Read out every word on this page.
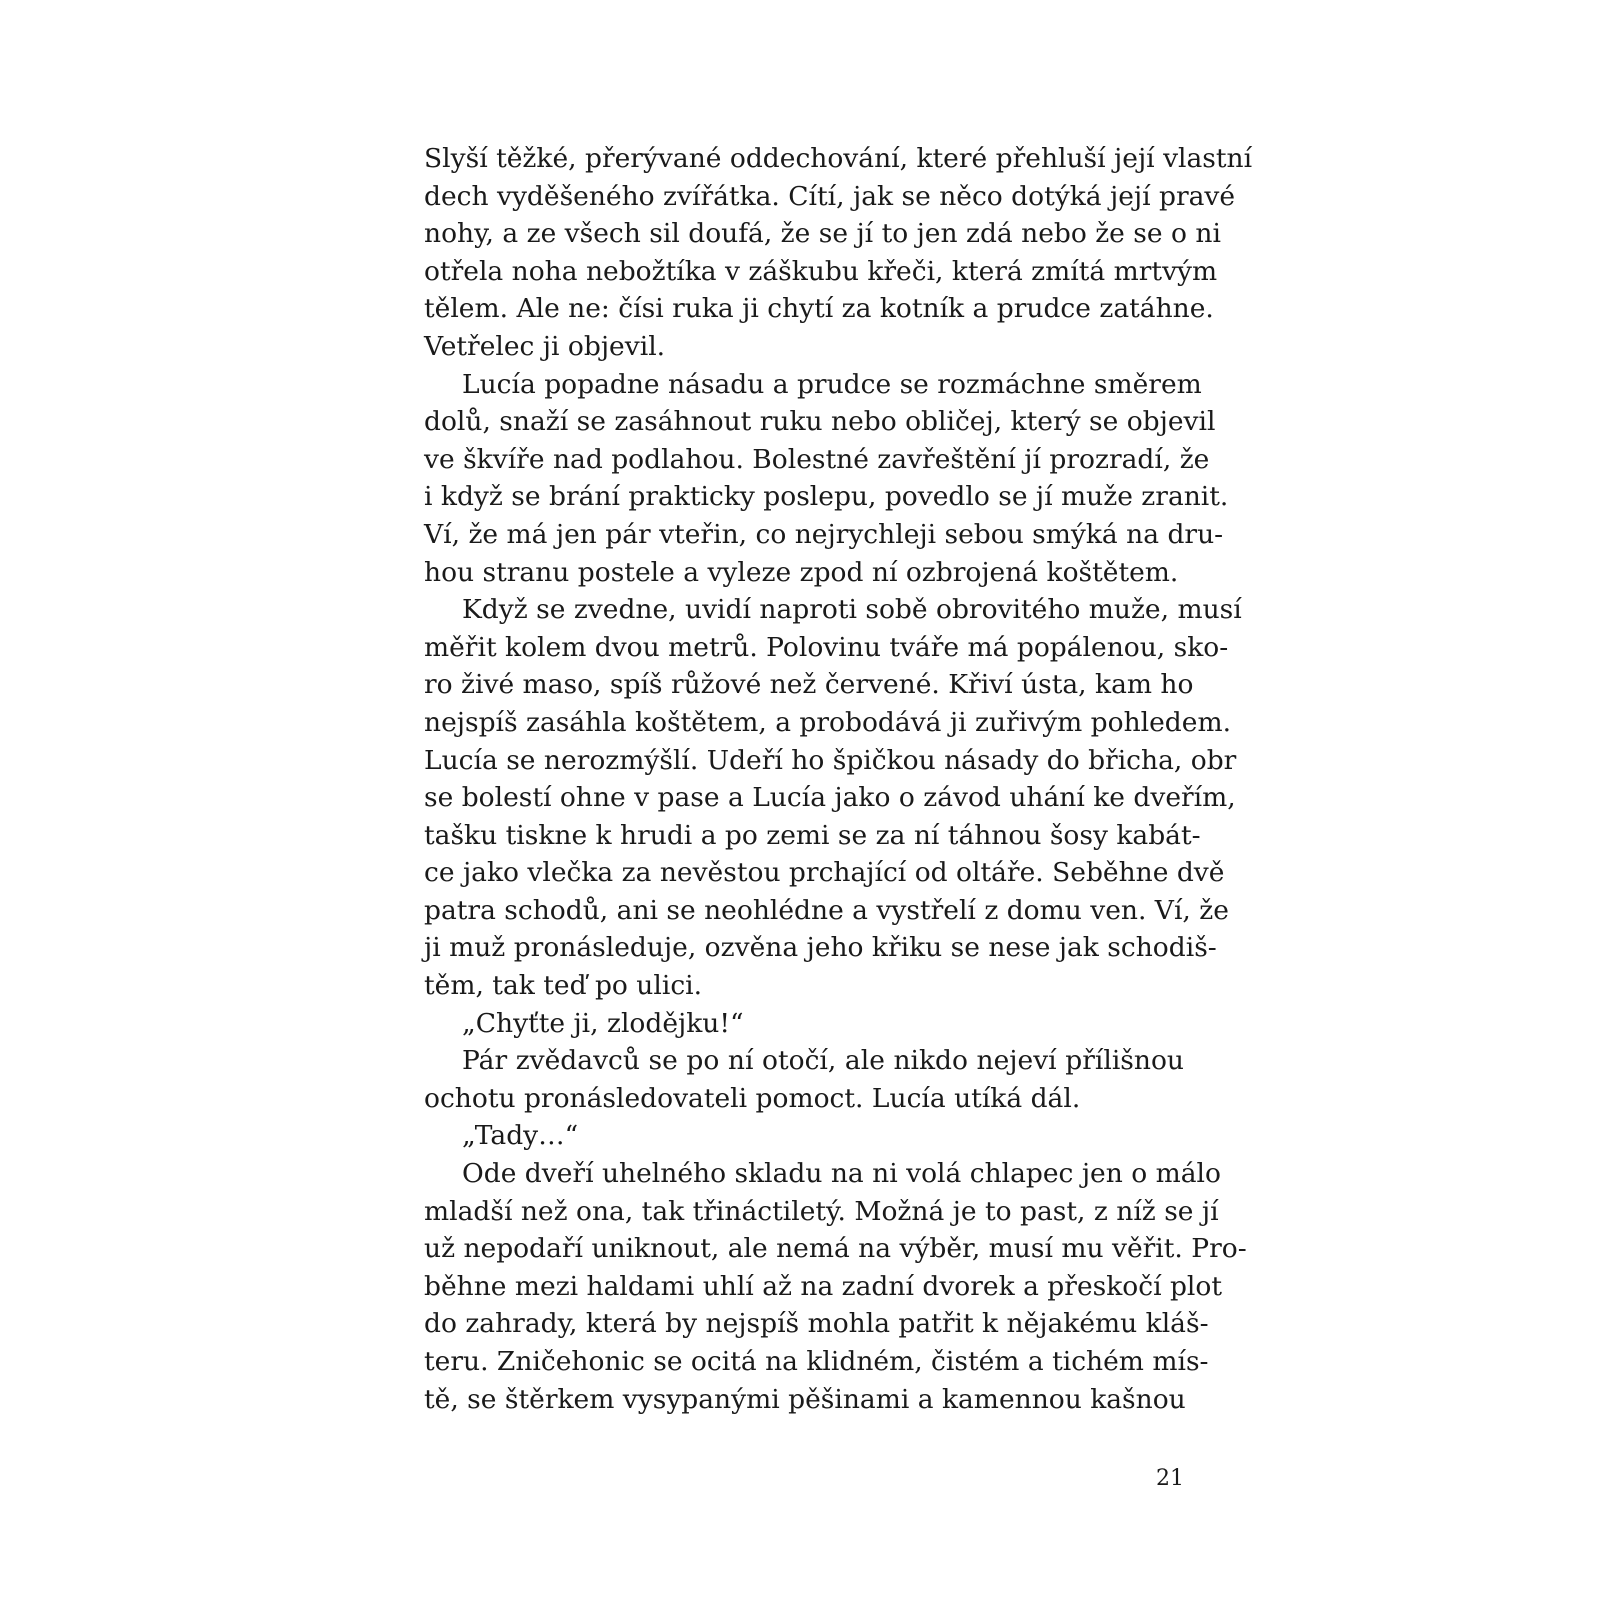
Slyší těžké, přerývané oddechování, které přehluší její vlastní
dech vyděšeného zvířátka. Cítí, jak se něco dotýká její pravé
nohy, a ze všech sil doufá, že se jí to jen zdá nebo že se o ni
otřela noha nebožtíka v záškubu křeči, která zmítá mrtvým
tělem. Ale ne: čísi ruka ji chytí za kotník a prudce zatáhne.
Vetřelec ji objevil.
Lucía popadne násadu a prudce se rozmáchne směrem
dolů, snaží se zasáhnout ruku nebo obličej, který se objevil
ve škvíře nad podlahou. Bolestné zavřeštění jí prozradí, že
i když se brání prakticky poslepu, povedlo se jí muže zranit.
Ví, že má jen pár vteřin, co nejrychleji sebou smýká na dru-
hou stranu postele a vyleze zpod ní ozbrojená koštětem.
Když se zvedne, uvidí naproti sobě obrovitého muže, musí
měřit kolem dvou metrů. Polovinu tváře má popálenou, sko-
ro živé maso, spíš růžové než červené. Křiví ústa, kam ho
nejspíš zasáhla koštětem, a probodává ji zuřivým pohledem.
Lucía se nerozmýšlí. Udeří ho špičkou násady do břicha, obr
se bolestí ohne v pase a Lucía jako o závod uhání ke dveřím,
tašku tiskne k hrudi a po zemi se za ní táhnou šosy kabát-
ce jako vlečka za nevěstou prchající od oltáře. Seběhne dvě
patra schodů, ani se neohlédne a vystřelí z domu ven. Ví, že
ji muž pronásleduje, ozvěna jeho křiku se nese jak schodiš-
těm, tak teď po ulici.
„Chyťte ji, zlodějku!“
Pár zvědavců se po ní otočí, ale nikdo nejeví přílišnou
ochotu pronásledovateli pomoct. Lucía utíká dál.
„Tady…“
Ode dveří uhelného skladu na ni volá chlapec jen o málo
mladší než ona, tak třináctiletý. Možná je to past, z níž se jí
už nepodaří uniknout, ale nemá na výběr, musí mu věřit. Pro-
běhne mezi haldami uhlí až na zadní dvorek a přeskočí plot
do zahrady, která by nejspíš mohla patřit k nějakému kláš-
teru. Zničehonic se ocitá na klidném, čistém a tichém mís-
tě, se štěrkem vysypanými pěšinami a kamennou kašnou
21
